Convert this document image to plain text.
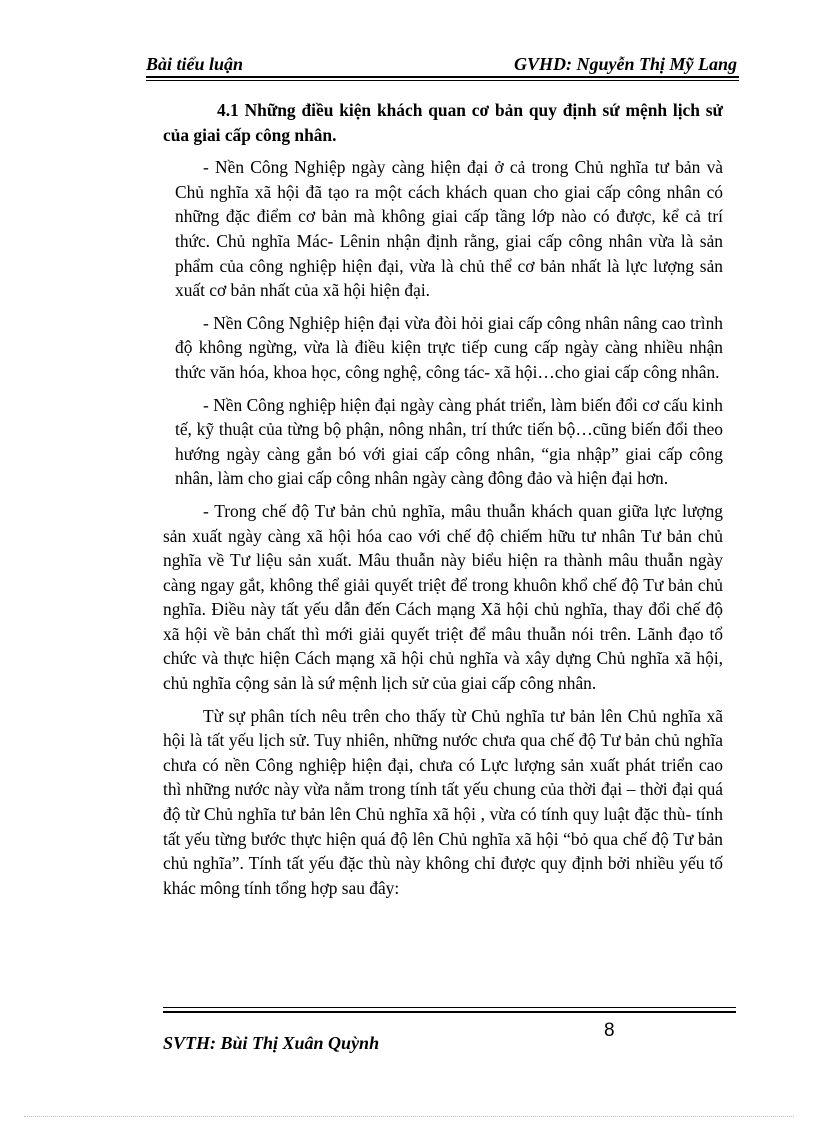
Bài tiểu luận	GVHD: Nguyễn Thị Mỹ Lang

4.1 Những điều kiện khách quan cơ bản quy định sứ mệnh lịch sử của giai cấp công nhân.

- Nền Công Nghiệp ngày càng hiện đại ở cả trong Chủ nghĩa tư bản và Chủ nghĩa xã hội đã tạo ra một cách khách quan cho giai cấp công nhân có những đặc điểm cơ bản mà không giai cấp tầng lớp nào có được, kể cả trí thức. Chủ nghĩa Mác- Lênin nhận định rằng, giai cấp công nhân vừa là sản phẩm của công nghiệp hiện đại, vừa là chủ thể cơ bản nhất là lực lượng sản xuất cơ bản nhất của xã hội hiện đại.

- Nền Công Nghiệp hiện đại vừa đòi hỏi giai cấp công nhân nâng cao trình độ không ngừng, vừa là điều kiện trực tiếp cung cấp ngày càng nhiều nhận thức văn hóa, khoa học, công nghệ, công tác- xã hội…cho giai cấp công nhân.

- Nền Công nghiệp hiện đại ngày càng phát triển, làm biến đổi cơ cấu kinh tế, kỹ thuật của từng bộ phận, nông nhân, trí thức tiến bộ…cũng biến đổi theo hướng ngày càng gắn bó với giai cấp công nhân, “gia nhập” giai cấp công nhân, làm cho giai cấp công nhân ngày càng đông đảo và hiện đại hơn.

- Trong chế độ Tư bản chủ nghĩa, mâu thuẫn khách quan giữa lực lượng sản xuất ngày càng xã hội hóa cao với chế độ chiếm hữu tư nhân Tư bản chủ nghĩa về Tư liệu sản xuất. Mâu thuẫn này biểu hiện ra thành mâu thuẫn ngày càng ngay gắt, không thể giải quyết triệt để trong khuôn khổ chế độ Tư bản chủ nghĩa. Điều này tất yếu dẫn đến Cách mạng Xã hội chủ nghĩa, thay đổi chế độ xã hội về bản chất thì mới giải quyết triệt để mâu thuẫn nói trên. Lãnh đạo tổ chức và thực hiện Cách mạng xã hội chủ nghĩa và xây dựng Chủ nghĩa xã hội, chủ nghĩa cộng sản là sứ mệnh lịch sử của giai cấp công nhân.

Từ sự phân tích nêu trên cho thấy từ Chủ nghĩa tư bản lên Chủ nghĩa xã hội là tất yếu lịch sử. Tuy nhiên, những nước chưa qua chế độ Tư bản chủ nghĩa chưa có nền Công nghiệp hiện đại, chưa có Lực lượng sản xuất phát triển cao thì những nước này vừa nằm trong tính tất yếu chung của thời đại – thời đại quá độ từ Chủ nghĩa tư bản lên Chủ nghĩa xã hội , vừa có tính quy luật đặc thù- tính tất yếu từng bước thực hiện quá độ lên Chủ nghĩa xã hội “bỏ qua chế độ Tư bản chủ nghĩa”. Tính tất yếu đặc thù này không chỉ được quy định bởi nhiều yếu tố khác mông tính tổng hợp sau đây:

8
SVTH: Bùi Thị Xuân Quỳnh
